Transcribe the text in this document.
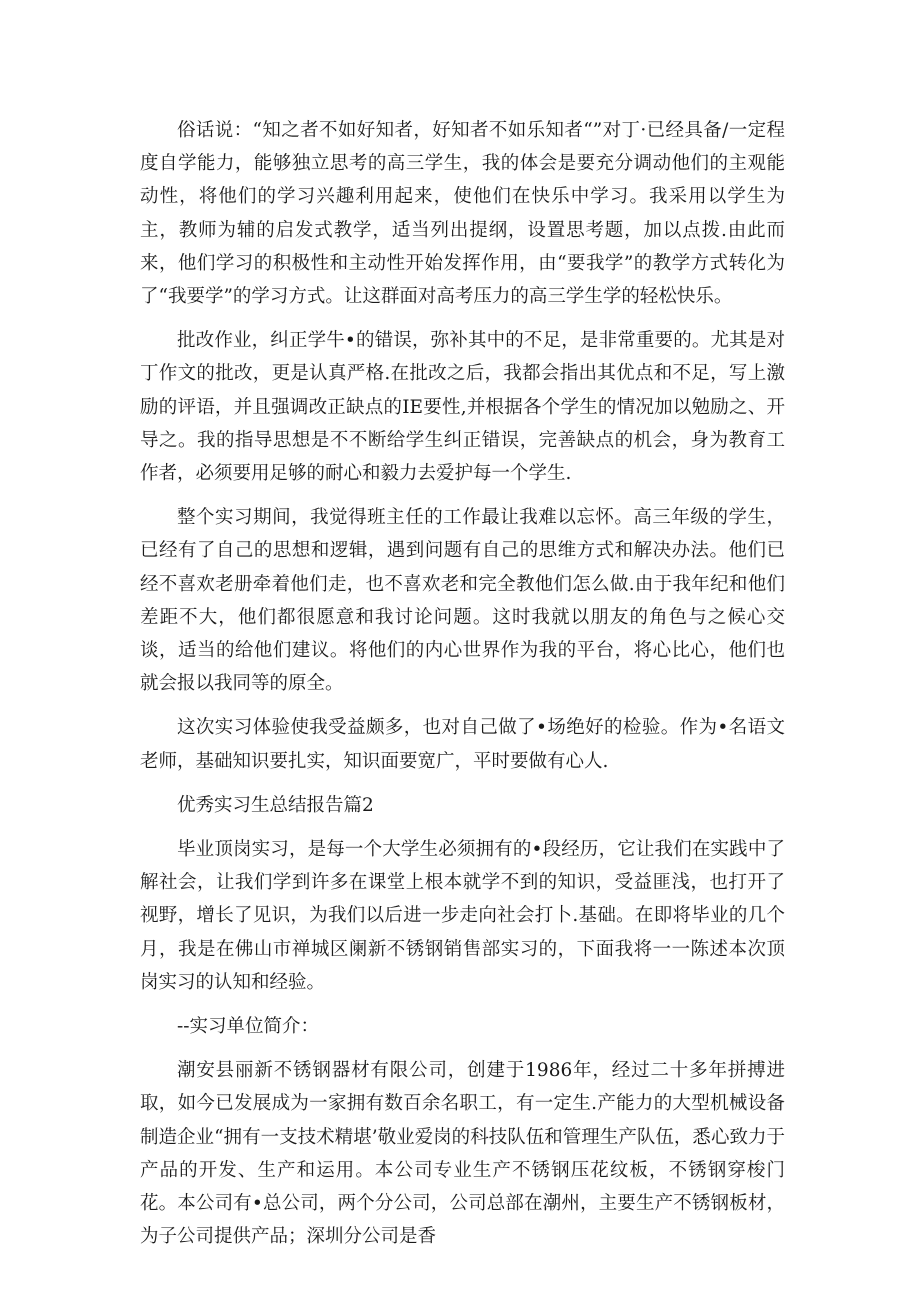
俗话说：“知之者不如好知者，好知者不如乐知者“”对丁·已经具备/一定程度自学能力，能够独立思考的高三学生，我的体会是要充分调动他们的主观能动性，将他们的学习兴趣利用起来，使他们在快乐中学习。我采用以学生为主，教师为辅的启发式教学，适当列出提纲，设置思考题，加以点拨.由此而来，他们学习的积极性和主动性开始发挥作用，由“要我学”的教学方式转化为了“我要学”的学习方式。让这群面对高考压力的高三学生学的轻松快乐。

批改作业，纠正学牛•的错误，弥补其中的不足，是非常重要的。尤其是对丁作文的批改，更是认真严格.在批改之后，我都会指出其优点和不足，写上激励的评语，并且强调改正缺点的IE要性,并根据各个学生的情况加以勉励之、开导之。我的指导思想是不不断给学生纠正错误，完善缺点的机会，身为教育工作者，必须要用足够的耐心和毅力去爱护每一个学生.

整个实习期间，我觉得班主任的工作最让我难以忘怀。高三年级的学生，已经有了自己的思想和逻辑，遇到问题有自己的思维方式和解决办法。他们已经不喜欢老册牵着他们走，也不喜欢老和完全教他们怎么做.由于我年纪和他们差距不大，他们都很愿意和我讨论问题。这时我就以朋友的角色与之候心交谈，适当的给他们建议。将他们的内心世界作为我的平台，将心比心，他们也就会报以我同等的原全。

这次实习体验使我受益颇多，也对自己做了•场绝好的检验。作为•名语文老师，基础知识要扎实，知识面要宽广，平时要做有心人.

优秀实习生总结报告篇2

毕业顶岗实习，是每一个大学生必须拥有的•段经历，它让我们在实践中了解社会，让我们学到许多在课堂上根本就学不到的知识，受益匪浅，也打开了视野，增长了见识，为我们以后进一步走向社会打卜.基础。在即将毕业的几个月，我是在佛山市禅城区阑新不锈钢销售部实习的，下面我将一一陈述本次顶岗实习的认知和经验。

--实习单位简介：

潮安县丽新不锈钢器材有限公司，创建于1986年，经过二十多年拼搏进取，如今已发展成为一家拥有数百余名职工，有一定生.产能力的大型机械设备制造企业“拥有一支技术精堪’敬业爱岗的科技队伍和管理生产队伍，悉心致力于产品的开发、生产和运用。本公司专业生产不锈钢压花纹板，不锈钢穿梭门花。本公司有•总公司，两个分公司，公司总部在潮州，主要生产不锈钢板材，为子公司提供产品；深圳分公司是香
